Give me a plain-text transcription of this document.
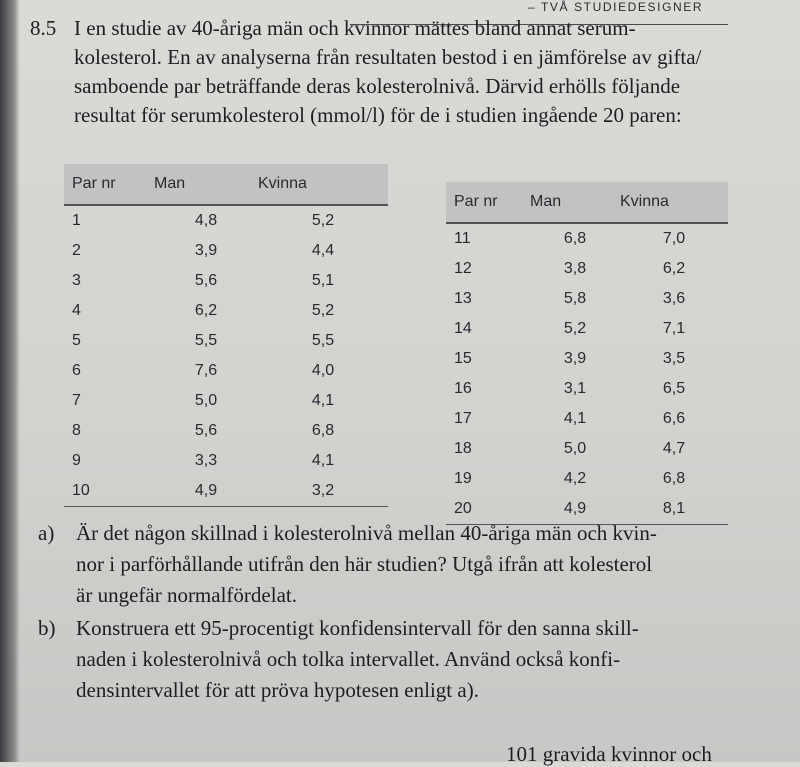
– TVÅ STUDIEDESIGNER
8.5 I en studie av 40-åriga män och kvinnor mättes bland annat serum-
kolesterol. En av analyserna från resultaten bestod i en jämförelse av gifta/
samboende par beträffande deras kolesterolnivå. Därvid erhölls följande
resultat för serumkolesterol (mmol/l) för de i studien ingående 20 paren:
Par nr	Man	Kvinna
1	4,8	5,2
2	3,9	4,4
3	5,6	5,1
4	6,2	5,2
5	5,5	5,5
6	7,6	4,0
7	5,0	4,1
8	5,6	6,8
9	3,3	4,1
10	4,9	3,2
Par nr	Man	Kvinna
11	6,8	7,0
12	3,8	6,2
13	5,8	3,6
14	5,2	7,1
15	3,9	3,5
16	3,1	6,5
17	4,1	6,6
18	5,0	4,7
19	4,2	6,8
20	4,9	8,1
a) Är det någon skillnad i kolesterolnivå mellan 40-åriga män och kvin-
nor i parförhållande utifrån den här studien? Utgå ifrån att kolesterol
är ungefär normalfördelat.
b) Konstruera ett 95-procentigt konfidensintervall för den sanna skill-
naden i kolesterolnivå och tolka intervallet. Använd också konfi-
densintervallet för att pröva hypotesen enligt a).
101 gravida kvinnor och
